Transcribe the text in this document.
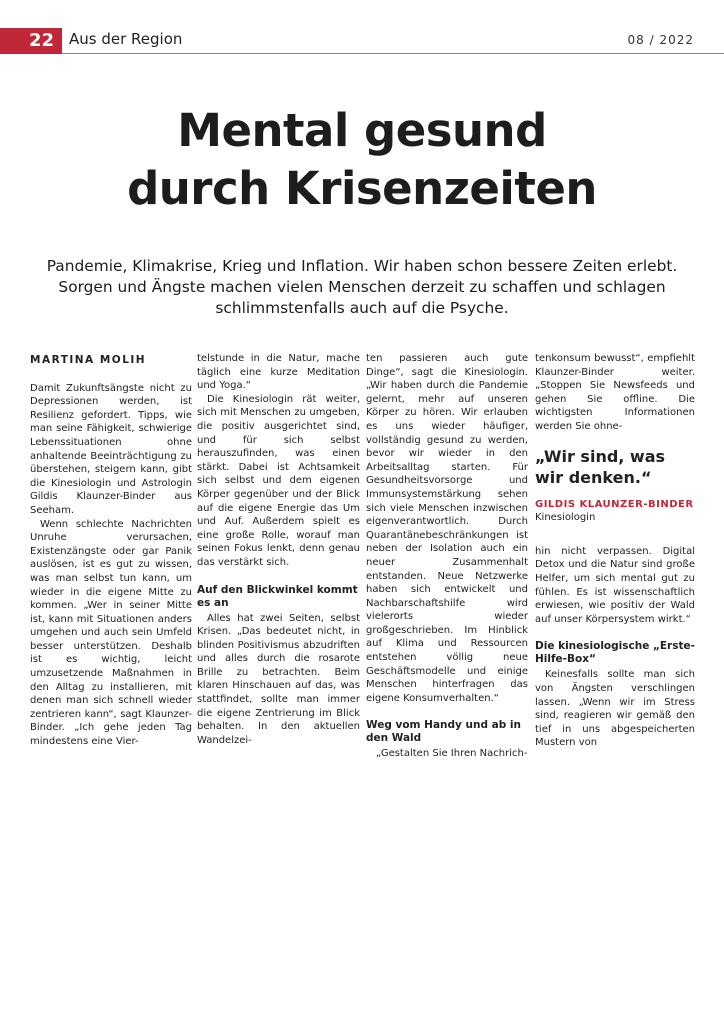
22	Aus der Region	08 / 2022
Mental gesund
durch Krisenzeiten
Pandemie, Klimakrise, Krieg und Inflation. Wir haben schon bessere Zeiten erlebt. Sorgen und Ängste machen vielen Menschen derzeit zu schaffen und schlagen schlimmstenfalls auch auf die Psyche.
MARTINA MOLIH

Damit Zukunftsängste nicht zu Depressionen werden, ist Resilienz gefordert. Tipps, wie man seine Fähigkeit, schwierige Lebenssituationen ohne anhaltende Beeinträchtigung zu überstehen, steigern kann, gibt die Kinesiologin und Astrologin Gildis Klaunzer-Binder aus Seeham.

Wenn schlechte Nachrichten Unruhe verursachen, Existenzängste oder gar Panik auslösen, ist es gut zu wissen, was man selbst tun kann, um wieder in die eigene Mitte zu kommen. „Wer in seiner Mitte ist, kann mit Situationen anders umgehen und auch sein Umfeld besser unterstützen. Deshalb ist es wichtig, leicht umzusetzende Maßnahmen in den Alltag zu installieren, mit denen man sich schnell wieder zentrieren kann“, sagt Klaunzer-Binder. „Ich gehe jeden Tag mindestens eine Vier-

telstunde in die Natur, mache täglich eine kurze Meditation und Yoga.“

Die Kinesiologin rät weiter, sich mit Menschen zu umgeben, die positiv ausgerichtet sind, und für sich selbst herauszufinden, was einen stärkt. Dabei ist Achtsamkeit sich selbst und dem eigenen Körper gegenüber und der Blick auf die eigene Energie das Um und Auf. Außerdem spielt es eine große Rolle, worauf man seinen Fokus lenkt, denn genau das verstärkt sich.

Auf den Blickwinkel kommt es an

Alles hat zwei Seiten, selbst Krisen. „Das bedeutet nicht, in blinden Positivismus abzudriften und alles durch die rosarote Brille zu betrachten. Beim klaren Hinschauen auf das, was stattfindet, sollte man immer die eigene Zentrierung im Blick behalten. In den aktuellen Wandelzei-

ten passieren auch gute Dinge“, sagt die Kinesiologin. „Wir haben durch die Pandemie gelernt, mehr auf unseren Körper zu hören. Wir erlauben es uns wieder häufiger, vollständig gesund zu werden, bevor wir wieder in den Arbeitsalltag starten. Für Gesundheitsvorsorge und Immunsystemstärkung sehen sich viele Menschen inzwischen eigenverantwortlich. Durch Quarantänebeschränkungen ist neben der Isolation auch ein neuer Zusammenhalt entstanden. Neue Netzwerke haben sich entwickelt und Nachbarschaftshilfe wird vielerorts wieder großgeschrieben. Im Hinblick auf Klima und Ressourcen entstehen völlig neue Geschäftsmodelle und einige Menschen hinterfragen das eigene Konsumverhalten.“

Weg vom Handy und ab in den Wald

„Gestalten Sie Ihren Nachrich-

tenkonsum bewusst“, empfiehlt Klaunzer-Binder weiter. „Stoppen Sie Newsfeeds und gehen Sie offline. Die wichtigsten Informationen werden Sie ohne-

„Wir sind, was wir denken.“
GILDIS KLAUNZER-BINDER
Kinesiologin

hin nicht verpassen. Digital Detox und die Natur sind große Helfer, um sich mental gut zu fühlen. Es ist wissenschaftlich erwiesen, wie positiv der Wald auf unser Körpersystem wirkt.“

Die kinesiologische „Erste-Hilfe-Box“

Keinesfalls sollte man sich von Ängsten verschlingen lassen. „Wenn wir im Stress sind, reagieren wir gemäß den tief in uns abgespeicherten Mustern von
